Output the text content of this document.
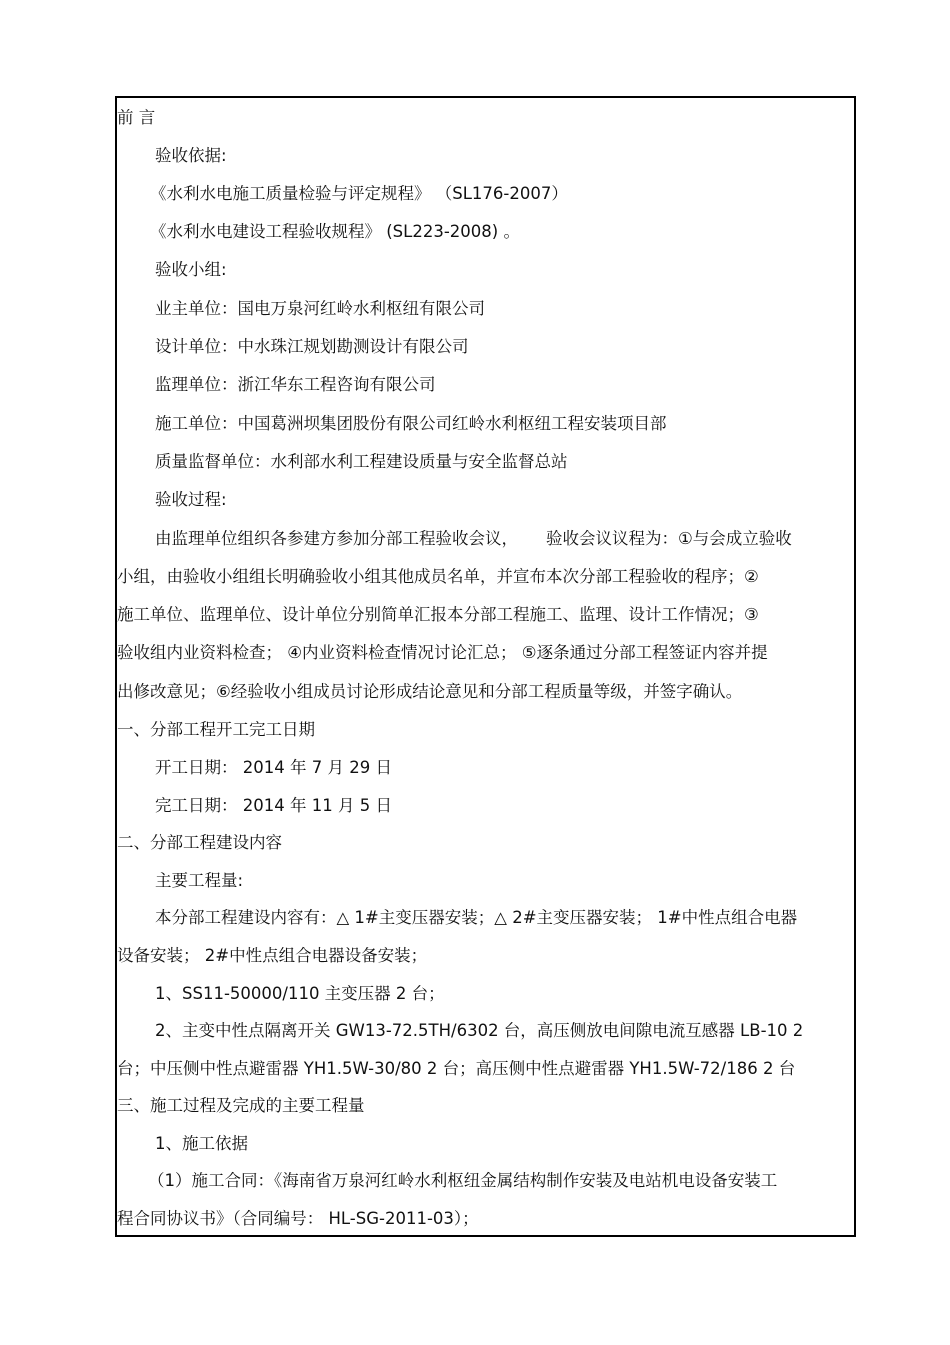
前 言

验收依据:

《水利水电施工质量检验与评定规程》 （SL176-2007）

《水利水电建设工程验收规程》 (SL223-2008) 。

验收小组:

业主单位：国电万泉河红岭水利枢纽有限公司

设计单位：中水珠江规划勘测设计有限公司

监理单位：浙江华东工程咨询有限公司

施工单位：中国葛洲坝集团股份有限公司红岭水利枢纽工程安装项目部

质量监督单位：水利部水利工程建设质量与安全监督总站

验收过程:

由监理单位组织各参建方参加分部工程验收会议， 验收会议议程为：①与会成立验收

小组，由验收小组组长明确验收小组其他成员名单，并宣布本次分部工程验收的程序；②

施工单位、监理单位、设计单位分别简单汇报本分部工程施工、监理、设计工作情况；③

验收组内业资料检查； ④内业资料检查情况讨论汇总； ⑤逐条通过分部工程签证内容并提

出修改意见；⑥经验收小组成员讨论形成结论意见和分部工程质量等级，并签字确认。

一、分部工程开工完工日期

开工日期： 2014 年 7 月 29 日

完工日期： 2014 年 11 月 5 日

二、分部工程建设内容

主要工程量:

本分部工程建设内容有：△ 1#主变压器安装；△ 2#主变压器安装； 1#中性点组合电器

设备安装； 2#中性点组合电器设备安装；

1、SS11-50000/110 主变压器 2 台；

2、主变中性点隔离开关 GW13-72.5TH/6302 台，高压侧放电间隙电流互感器 LB-10 2

台；中压侧中性点避雷器 YH1.5W-30/80 2 台；高压侧中性点避雷器 YH1.5W-72/186 2 台

三、施工过程及完成的主要工程量

1、施工依据

（1）施工合同：《海南省万泉河红岭水利枢纽金属结构制作安装及电站机电设备安装工

程合同协议书》（合同编号： HL-SG-2011-03）；
